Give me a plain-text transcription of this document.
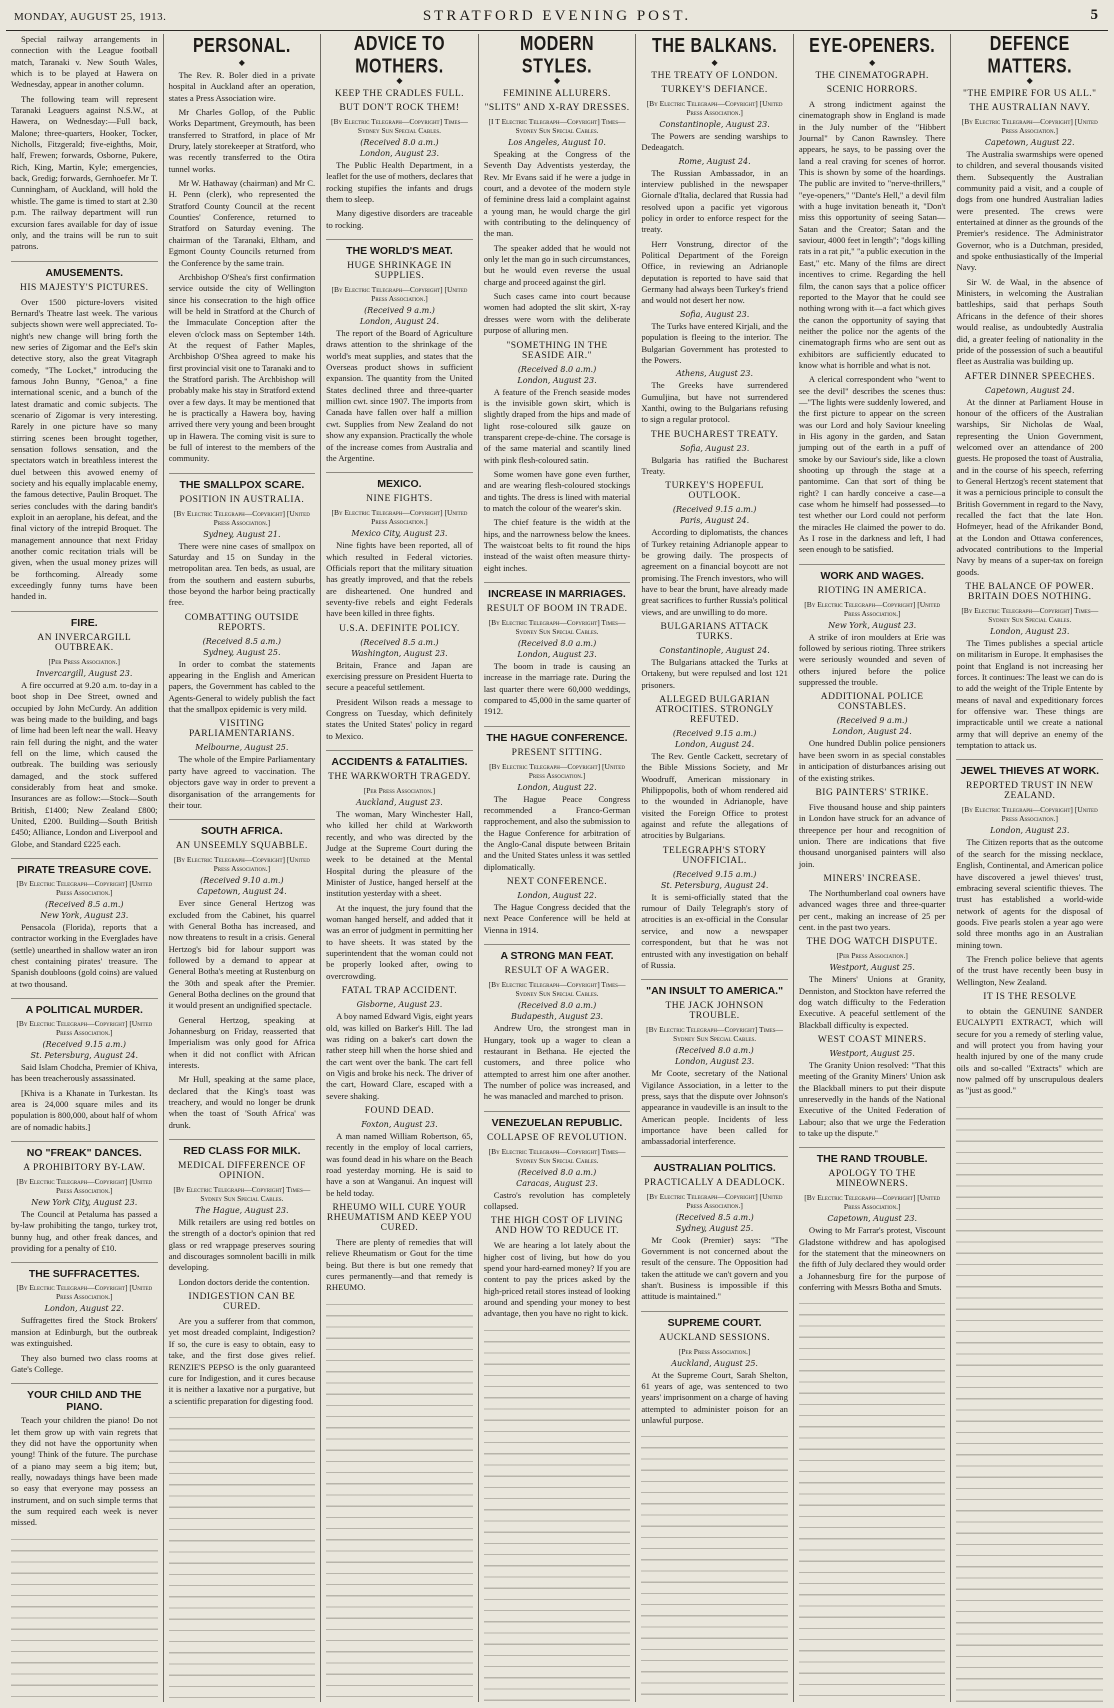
MONDAY, AUGUST 25, 1913.	STRATFORD EVENING POST.	5

Special railway arrangements in connection with the League football match, Taranaki v. New South Wales, which is to be played at Hawera on Wednesday, appear in another column.

The following team will represent Taranaki Leaguers against N.S.W., at Hawera, on Wednesday:—Full back, Malone; three-quarters, Hooker, Tocker, Nicholls, Fitzgerald; five-eighths, Moir, half, Frewen; forwards, Osborne, Pukere, Rich, King, Martin, Kyle; emergencies, back, Gredig; forwards, Gernhoefer. Mr T. Cunningham, of Auckland, will hold the whistle. The game is timed to start at 2.30 p.m. The railway department will run excursion fares available for day of issue only, and the trains will be run to suit patrons.

AMUSEMENTS.
HIS MAJESTY'S PICTURES.

Over 1500 picture-lovers visited Bernard's Theatre last week. The various subjects shown were well appreciated. To-night's new change will bring forth the new series of Zigomar and the Eel's skin detective story, also the great Vitagraph comedy, "The Locket," introducing the famous John Bunny, "Genoa," a fine international scenic, and a bunch of the latest dramatic and comic subjects. The scenario of Zigomar is very interesting. Rarely in one picture have so many stirring scenes been brought together, sensation follows sensation, and the spectators watch in breathless interest the duel between this avowed enemy of society and his equally implacable enemy, the famous detective, Paulin Broquet. The series concludes with the daring bandit's exploit in an aeroplane, his defeat, and the final victory of the intrepid Broquet. The management announce that next Friday another comic recitation trials will be given, when the usual money prizes will be forthcoming. Already some exceedingly funny turns have been handed in.

FIRE.
AN INVERCARGILL OUTBREAK.
[Per Press Association.]
Invercargill, August 23.

A fire occurred at 9.20 a.m. to-day in a boot shop in Dee Street, owned and occupied by John McCurdy. An addition was being made to the building, and bags of lime had been left near the wall. Heavy rain fell during the night, and the water fell on the lime, which caused the outbreak. The building was seriously damaged, and the stock suffered considerably from heat and smoke. Insurances are as follow:—Stock—South British, £1400; New Zealand £800; United, £200. Building—South British £450; Alliance, London and Liverpool and Globe, and Standard £225 each.

PIRATE TREASURE COVE.
[By Electric Telegraph—Copyright] [United Press Association.]
(Received 8.5 a.m.)
New York, August 23.

Pensacola (Florida), reports that a contractor working in the Everglades have (settle) unearthed in shallow water an iron chest containing pirates' treasure. The Spanish doubloons (gold coins) are valued at two thousand.

A POLITICAL MURDER.
[By Electric Telegraph—Copyright] [United Press Association.]
(Received 9.15 a.m.)
St. Petersburg, August 24.

Said Islam Chodcha, Premier of Khiva, has been treacherously assassinated.

[Khiva is a Khanate in Turkestan. Its area is 24,000 square miles and its population is 800,000, about half of whom are of nomadic habits.]

NO "FREAK" DANCES.
A PROHIBITORY BY-LAW.
[By Electric Telegraph—Copyright] [United Press Association.]
New York City, August 23.

The Council at Petaluma has passed a by-law prohibiting the tango, turkey trot, bunny hug, and other freak dances, and providing for a penalty of £10.

THE SUFFRACETTES.
[By Electric Telegraph—Copyright] [United Press Association.]
London, August 22.

Suffragettes fired the Stock Brokers' mansion at Edinburgh, but the outbreak was extinguished.

They also burned two class rooms at Gate's College.

YOUR CHILD AND THE PIANO.

Teach your children the piano! Do not let them grow up with vain regrets that they did not have the opportunity when young! Think of the future. The purchase of a piano may seem a big item; but, really, nowadays things have been made so easy that everyone may possess an instrument, and on such simple terms that the sum required each week is never missed.

PERSONAL.
◆

The Rev. R. Boler died in a private hospital in Auckland after an operation, states a Press Association wire.

Mr Charles Gollop, of the Public Works Department, Greymouth, has been transferred to Stratford, in place of Mr Drury, lately storekeeper at Stratford, who was recently transferred to the Otira tunnel works.

Mr W. Hathaway (chairman) and Mr C. H. Penn (clerk), who represented the Stratford County Council at the recent Counties' Conference, returned to Stratford on Saturday evening. The chairman of the Taranaki, Eltham, and Egmont County Councils returned from the Conference by the same train.

Archbishop O'Shea's first confirmation service outside the city of Wellington since his consecration to the high office will be held in Stratford at the Church of the Immaculate Conception after the eleven o'clock mass on September 14th. At the request of Father Maples, Archbishop O'Shea agreed to make his first provincial visit one to Taranaki and to the Stratford parish. The Archbishop will probably make his stay in Stratford extend over a few days. It may be mentioned that he is practically a Hawera boy, having arrived there very young and been brought up in Hawera. The coming visit is sure to be full of interest to the members of the community.

THE SMALLPOX SCARE.
POSITION IN AUSTRALIA.
[By Electric Telegraph—Copyright] [United Press Association.]
Sydney, August 21.

There were nine cases of smallpox on Saturday and 15 on Sunday in the metropolitan area. Ten beds, as usual, are from the southern and eastern suburbs, those beyond the harbor being practically free.

COMBATTING OUTSIDE REPORTS.
(Received 8.5 a.m.)
Sydney, August 25.

In order to combat the statements appearing in the English and American papers, the Government has cabled to the Agents-General to widely publish the fact that the smallpox epidemic is very mild.

VISITING PARLIAMENTARIANS.
Melbourne, August 25.

The whole of the Empire Parliamentary party have agreed to vaccination. The objectors gave way in order to prevent a disorganisation of the arrangements for their tour.

SOUTH AFRICA.
AN UNSEEMLY SQUABBLE.
[By Electric Telegraph—Copyright] [United Press Association.]
(Received 9.10 a.m.)
Capetown, August 24.

Ever since General Hertzog was excluded from the Cabinet, his quarrel with General Botha has increased, and now threatens to result in a crisis. General Hertzog's bid for labour support was followed by a demand to appear at General Botha's meeting at Rustenburg on the 30th and speak after the Premier. General Botha declines on the ground that it would present an undignified spectacle.

General Hertzog, speaking at Johannesburg on Friday, reasserted that Imperialism was only good for Africa when it did not conflict with African interests.

Mr Hull, speaking at the same place, declared that the King's toast was treachery, and would no longer be drunk when the toast of 'South Africa' was drunk.

RED CLASS FOR MILK.
MEDICAL DIFFERENCE OF OPINION.
[By Electric Telegraph—Copyright] Times—Sydney Sun Special Cables.
The Hague, August 23.

Milk retailers are using red bottles on the strength of a doctor's opinion that red glass or red wrappage preserves souring and discourages somnolent bacilli in milk developing.

London doctors deride the contention.

INDIGESTION CAN BE CURED.

Are you a sufferer from that common, yet most dreaded complaint, Indigestion? If so, the cure is easy to obtain, easy to take, and the first dose gives relief. RENZIE'S PEPSO is the only guaranteed cure for Indigestion, and it cures because it is neither a laxative nor a purgative, but a scientific preparation for digesting food.

ADVICE TO MOTHERS.
◆
KEEP THE CRADLES FULL.
BUT DON'T ROCK THEM!
[By Electric Telegraph—Copyright] Times—Sydney Sun Special Cables.
(Received 8.0 a.m.)
London, August 23.

The Public Health Department, in a leaflet for the use of mothers, declares that rocking stupifies the infants and drugs them to sleep.

Many digestive disorders are traceable to rocking.

THE WORLD'S MEAT.
HUGE SHRINKAGE IN SUPPLIES.
[By Electric Telegraph—Copyright] [United Press Association.]
(Received 9 a.m.)
London, August 24.

The report of the Board of Agriculture draws attention to the shrinkage of the world's meat supplies, and states that the Overseas product shows in sufficient expansion. The quantity from the United States declined three and three-quarter million cwt. since 1907. The imports from Canada have fallen over half a million cwt. Supplies from New Zealand do not show any expansion. Practically the whole of the increase comes from Australia and the Argentine.

MEXICO.
NINE FIGHTS.
[By Electric Telegraph—Copyright] [United Press Association.]
Mexico City, August 23.

Nine fights have been reported, all of which resulted in Federal victories. Officials report that the military situation has greatly improved, and that the rebels are disheartened. One hundred and seventy-five rebels and eight Federals have been killed in three fights.

U.S.A. DEFINITE POLICY.
(Received 8.5 a.m.)
Washington, August 23.

Britain, France and Japan are exercising pressure on President Huerta to secure a peaceful settlement.

President Wilson reads a message to Congress on Tuesday, which definitely states the United States' policy in regard to Mexico.

ACCIDENTS & FATALITIES.
THE WARKWORTH TRAGEDY.
[Per Press Association.]
Auckland, August 23.

The woman, Mary Winchester Hall, who killed her child at Warkworth recently, and who was directed by the Judge at the Supreme Court during the week to be detained at the Mental Hospital during the pleasure of the Minister of Justice, hanged herself at the institution yesterday with a sheet.

At the inquest, the jury found that the woman hanged herself, and added that it was an error of judgment in permitting her to have sheets. It was stated by the superintendent that the woman could not be properly looked after, owing to overcrowding.

FATAL TRAP ACCIDENT.
Gisborne, August 23.

A boy named Edward Vigis, eight years old, was killed on Barker's Hill. The lad was riding on a baker's cart down the rather steep hill when the horse shied and the cart went over the bank. The cart fell on Vigis and broke his neck. The driver of the cart, Howard Clare, escaped with a severe shaking.

FOUND DEAD.
Foxton, August 23.

A man named William Robertson, 65, recently in the employ of local carriers, was found dead in his whare on the Beach road yesterday morning. He is said to have a son at Wanganui. An inquest will be held today.

RHEUMO WILL CURE YOUR RHEUMATISM AND KEEP YOU CURED.

There are plenty of remedies that will relieve Rheumatism or Gout for the time being. But there is but one remedy that cures permanently—and that remedy is RHEUMO.

MODERN STYLES.
◆
FEMININE ALLURERS.
"SLITS" AND X-RAY DRESSES.
[I T Electric Telegraph—Copyright] Times—Sydney Sun Special Cables.
Los Angeles, August 10.

Speaking at the Congress of the Seventh Day Adventists yesterday, the Rev. Mr Evans said if he were a judge in court, and a devotee of the modern style of feminine dress laid a complaint against a young man, he would charge the girl with contributing to the delinquency of the man.

The speaker added that he would not only let the man go in such circumstances, but he would even reverse the usual charge and proceed against the girl.

Such cases came into court because women had adopted the slit skirt, X-ray dresses were worn with the deliberate purpose of alluring men.

"SOMETHING IN THE SEASIDE AIR."
(Received 8.0 a.m.)
London, August 23.

A feature of the French seaside modes is the invisible gown skirt, which is slightly draped from the hips and made of light rose-coloured silk gauze on transparent crepe-de-chine. The corsage is of the same material and scantily lined with pink flesh-coloured satin.

Some women have gone even further, and are wearing flesh-coloured stockings and tights. The dress is lined with material to match the colour of the wearer's skin.

The chief feature is the width at the hips, and the narrowness below the knees. The waistcoat belts to fit round the hips instead of the waist often measure thirty-eight inches.

INCREASE IN MARRIAGES.
RESULT OF BOOM IN TRADE.
[By Electric Telegraph—Copyright] Times—Sydney Sun Special Cables.
(Received 8.0 a.m.)
London, August 23.

The boom in trade is causing an increase in the marriage rate. During the last quarter there were 60,000 weddings, compared to 45,000 in the same quarter of 1912.

THE HAGUE CONFERENCE.
PRESENT SITTING.
[By Electric Telegraph—Copyright] [United Press Association.]
London, August 22.

The Hague Peace Congress recommended a Franco-German rapprochement, and also the submission to the Hague Conference for arbitration of the Anglo-Canal dispute between Britain and the United States unless it was settled diplomatically.

NEXT CONFERENCE.
London, August 22.

The Hague Congress decided that the next Peace Conference will be held at Vienna in 1914.

A STRONG MAN FEAT.
RESULT OF A WAGER.
[By Electric Telegraph—Copyright] Times—Sydney Sun Special Cables.
(Received 8.0 a.m.)
Budapesth, August 23.

Andrew Uro, the strongest man in Hungary, took up a wager to clean a restaurant in Bethana. He ejected the customers, and three police who attempted to arrest him one after another. The number of police was increased, and he was manacled and marched to prison.

VENEZUELAN REPUBLIC.
COLLAPSE OF REVOLUTION.
[By Electric Telegraph—Copyright] Times—Sydney Sun Special Cables.
(Received 8.0 a.m.)
Caracas, August 23.

Castro's revolution has completely collapsed.

THE HIGH COST OF LIVING AND HOW TO REDUCE IT.

We are hearing a lot lately about the higher cost of living, but how do you spend your hard-earned money? If you are content to pay the prices asked by the high-priced retail stores instead of looking around and spending your money to best advantage, then you have no right to kick.

THE BALKANS.
◆
THE TREATY OF LONDON.
TURKEY'S DEFIANCE.
[By Electric Telegraph—Copyright] [United Press Association.]
Constantinople, August 23.

The Powers are sending warships to Dedeagatch.

Rome, August 24.

The Russian Ambassador, in an interview published in the newspaper Giornale d'Italia, declared that Russia had resolved upon a pacific yet vigorous policy in order to enforce respect for the treaty.

Herr Vonstrung, director of the Political Department of the Foreign Office, in reviewing an Adrianople deputation is reported to have said that Germany had always been Turkey's friend and would not desert her now.

Sofia, August 23.

The Turks have entered Kirjali, and the population is fleeing to the interior. The Bulgarian Government has protested to the Powers.

Athens, August 23.

The Greeks have surrendered Gumuljina, but have not surrendered Xanthi, owing to the Bulgarians refusing to sign a regular protocol.

THE BUCHAREST TREATY.
Sofia, August 23.

Bulgaria has ratified the Bucharest Treaty.

TURKEY'S HOPEFUL OUTLOOK.
(Received 9.15 a.m.)
Paris, August 24.

According to diplomatists, the chances of Turkey retaining Adrianople appear to be growing daily. The prospects of agreement on a financial boycott are not promising. The French investors, who will have to bear the brunt, have already made great sacrifices to further Russia's political views, and are unwilling to do more.

BULGARIANS ATTACK TURKS.
Constantinople, August 24.

The Bulgarians attacked the Turks at Ortakeny, but were repulsed and lost 121 prisoners.

ALLEGED BULGARIAN ATROCITIES. STRONGLY REFUTED.
(Received 9.15 a.m.)
London, August 24.

The Rev. Gentle Cackett, secretary of the Bible Missions Society, and Mr Woodruff, American missionary in Philippopolis, both of whom rendered aid to the wounded in Adrianople, have visited the Foreign Office to protest against and refute the allegations of atrocities by Bulgarians.

TELEGRAPH'S STORY UNOFFICIAL.
(Received 9.15 a.m.)
St. Petersburg, August 24.

It is semi-officially stated that the rumour of Daily Telegraph's story of atrocities is an ex-official in the Consular service, and now a newspaper correspondent, but that he was not entrusted with any investigation on behalf of Russia.

"AN INSULT TO AMERICA."
THE JACK JOHNSON TROUBLE.
[By Electric Telegraph—Copyright] Times—Sydney Sun Special Cables.
(Received 8.0 a.m.)
London, August 23.

Mr Coote, secretary of the National Vigilance Association, in a letter to the press, says that the dispute over Johnson's appearance in vaudeville is an insult to the American people. Incidents of less importance have been called for ambassadorial interference.

AUSTRALIAN POLITICS.
PRACTICALLY A DEADLOCK.
[By Electric Telegraph—Copyright] [United Press Association.]
(Received 8.5 a.m.)
Sydney, August 25.

Mr Cook (Premier) says: "The Government is not concerned about the result of the censure. The Opposition had taken the attitude we can't govern and you shan't. Business is impossible if this attitude is maintained."

SUPREME COURT.
AUCKLAND SESSIONS.
[Per Press Association.]
Auckland, August 25.

At the Supreme Court, Sarah Shelton, 61 years of age, was sentenced to two years' imprisonment on a charge of having attempted to administer poison for an unlawful purpose.

EYE-OPENERS.
◆
THE CINEMATOGRAPH.
SCENIC HORRORS.

A strong indictment against the cinematograph show in England is made in the July number of the "Hibbert Journal" by Canon Rawnsley. There appears, he says, to be passing over the land a real craving for scenes of horror. This is shown by some of the hoardings. The public are invited to "nerve-thrillers," "eye-openers," "Dante's Hell," a devil film with a huge invitation beneath it, "Don't miss this opportunity of seeing Satan—Satan and the Creator; Satan and the saviour, 4000 feet in length"; "dogs killing rats in a rat pit," "a public execution in the East," etc. Many of the films are direct incentives to crime. Regarding the hell film, the canon says that a police officer reported to the Mayor that he could see nothing wrong with it—a fact which gives the canon the opportunity of saying that neither the police nor the agents of the cinematograph firms who are sent out as exhibitors are sufficiently educated to know what is horrible and what is not.

A clerical correspondent who "went to see the devil" describes the scenes thus:—"The lights were suddenly lowered, and the first picture to appear on the screen was our Lord and holy Saviour kneeling in His agony in the garden, and Satan jumping out of the earth in a puff of smoke by our Saviour's side, like a clown shooting up through the stage at a pantomime. Can that sort of thing be right? I can hardly conceive a case—a case whom he himself had possessed—to test whether our Lord could not perform the miracles He claimed the power to do. As I rose in the darkness and left, I had seen enough to be satisfied.

WORK AND WAGES.
RIOTING IN AMERICA.
[By Electric Telegraph—Copyright] [United Press Association.]
New York, August 23.

A strike of iron moulders at Erie was followed by serious rioting. Three strikers were seriously wounded and seven of others injured before the police suppressed the trouble.

ADDITIONAL POLICE CONSTABLES.
(Received 9 a.m.)
London, August 24.

One hundred Dublin police pensioners have been sworn in as special constables in anticipation of disturbances arising out of the existing strikes.

BIG PAINTERS' STRIKE.

Five thousand house and ship painters in London have struck for an advance of threepence per hour and recognition of union. There are indications that five thousand unorganised painters will also join.

MINERS' INCREASE.

The Northumberland coal owners have advanced wages three and three-quarter per cent., making an increase of 25 per cent. in the past two years.

THE DOG WATCH DISPUTE.
[Per Press Association.]
Westport, August 25.

The Miners' Unions at Granity, Denniston, and Stockton have referred the dog watch difficulty to the Federation Executive. A peaceful settlement of the Blackball difficulty is expected.

WEST COAST MINERS.
Westport, August 25.

The Granity Union resolved: "That this meeting of the Granity Miners' Union ask the Blackball miners to put their dispute unreservedly in the hands of the National Executive of the United Federation of Labour; also that we urge the Federation to take up the dispute."

THE RAND TROUBLE.
APOLOGY TO THE MINEOWNERS.
[By Electric Telegraph—Copyright] [United Press Association.]
Capetown, August 23.

Owing to Mr Farrar's protest, Viscount Gladstone withdrew and has apologised for the statement that the mineowners on the fifth of July declared they would order a Johannesburg fire for the purpose of conferring with Messrs Botha and Smuts.

DEFENCE MATTERS.
◆
"THE EMPIRE FOR US ALL."
THE AUSTRALIAN NAVY.
[By Electric Telegraph—Copyright] [United Press Association.]
Capetown, August 22.

The Australia swarmships were opened to children, and several thousands visited them. Subsequently the Australian community paid a visit, and a couple of dogs from one hundred Australian ladies were presented. The crews were entertained at dinner as the grounds of the Premier's residence. The Administrator Governor, who is a Dutchman, presided, and spoke enthusiastically of the Imperial Navy.

Sir W. de Waal, in the absence of Ministers, in welcoming the Australian battleships, said that perhaps South Africans in the defence of their shores would realise, as undoubtedly Australia did, a greater feeling of nationality in the pride of the possession of such a beautiful fleet as Australia was building up.

AFTER DINNER SPEECHES.
Capetown, August 24.

At the dinner at Parliament House in honour of the officers of the Australian warships, Sir Nicholas de Waal, representing the Union Government, welcomed over an attendance of 200 guests. He proposed the toast of Australia, and in the course of his speech, referring to General Hertzog's recent statement that it was a pernicious principle to consult the British Government in regard to the Navy, recalled the fact that the late Hon. Hofmeyer, head of the Afrikander Bond, at the London and Ottawa conferences, advocated contributions to the Imperial Navy by means of a super-tax on foreign goods.

THE BALANCE OF POWER. BRITAIN DOES NOTHING.
[By Electric Telegraph—Copyright] Times—Sydney Sun Special Cables.
London, August 23.

The Times publishes a special article on militarism in Europe. It emphasises the point that England is not increasing her forces. It continues: The least we can do is to add the weight of the Triple Entente by means of naval and expeditionary forces for offensive war. These things are impracticable until we create a national army that will deprive an enemy of the temptation to attack us.

JEWEL THIEVES AT WORK.
REPORTED TRUST IN NEW ZEALAND.
[By Electric Telegraph—Copyright] [United Press Association.]
London, August 23.

The Citizen reports that as the outcome of the search for the missing necklace, English, Continental, and American police have discovered a jewel thieves' trust, embracing several scientific thieves. The trust has established a world-wide network of agents for the disposal of goods. Five pearls stolen a year ago were sold three months ago in an Australian mining town.

The French police believe that agents of the trust have recently been busy in Wellington, New Zealand.

IT IS THE RESOLVE

to obtain the GENUINE SANDER EUCALYPTI EXTRACT, which will secure for you a remedy of sterling value, and will protect you from having your health injured by one of the many crude oils and so-called "Extracts" which are now palmed off by unscrupulous dealers as "just as good."
